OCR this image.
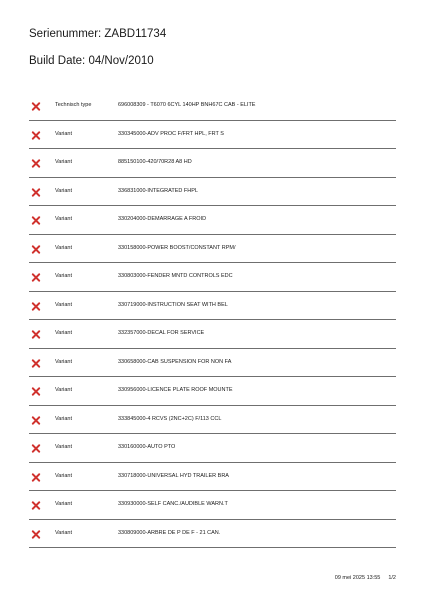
Serienummer: ZABD11734
Build Date: 04/Nov/2010
Technisch type	696008309 - T6070 6CYL 140HP BNH67C CAB - ELITE
Variant	330345000-ADV PROC F/FRT HPL, FRT S
Variant	885150100-420/70R28 A8 HD
Variant	336831000-INTEGRATED FHPL
Variant	330204000-DEMARRAGE A FROID
Variant	330158000-POWER BOOST/CONSTANT RPM/
Variant	330803000-FENDER MNTD CONTROLS EDC
Variant	330719000-INSTRUCTION SEAT WITH BEL
Variant	332357000-DECAL FOR SERVICE
Variant	330658000-CAB SUSPENSION FOR NON FA
Variant	330956000-LICENCE PLATE ROOF MOUNTE
Variant	333845000-4 RCVS (2NC+2C) F/113 CCL
Variant	330160000-AUTO PTO
Variant	330718000-UNIVERSAL HYD TRAILER BRA
Variant	330930000-SELF CANC./AUDIBLE WARN.T
Variant	330809000-ARBRE DE P DE F - 21 CAN.
09 mei 2025 13:55 1/2
